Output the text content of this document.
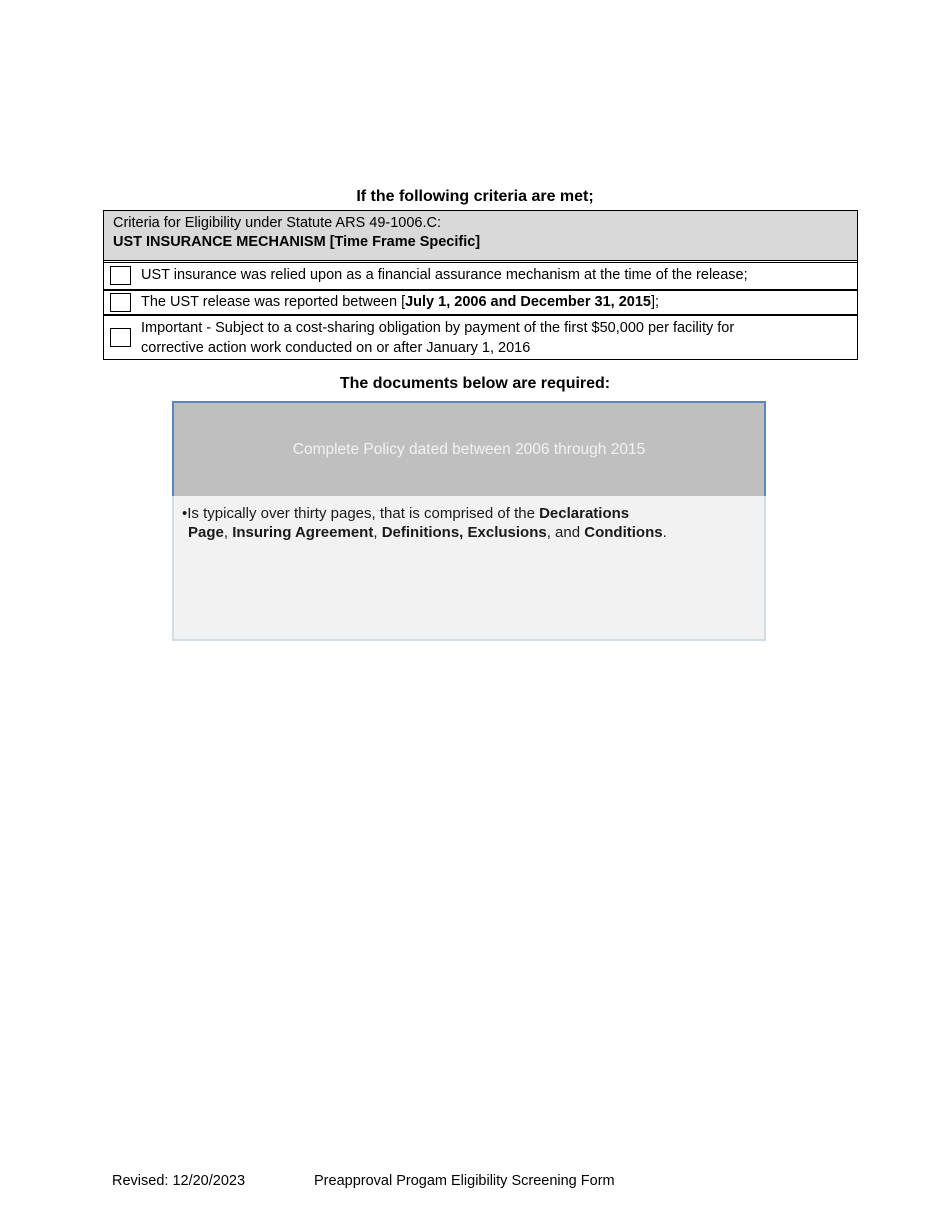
If the following criteria are met;
Criteria for Eligibility under Statute ARS 49-1006.C:
UST INSURANCE MECHANISM [Time Frame Specific]
UST insurance was relied upon as a financial assurance mechanism at the time of the release;
The UST release was reported between [July 1, 2006 and December 31, 2015];
Important - Subject to a cost-sharing obligation by payment of the first $50,000 per facility for
corrective action work conducted on or after January 1, 2016
The documents below are required:
Complete Policy dated between 2006 through 2015
•Is typically over thirty pages, that is comprised of the Declarations
Page, Insuring Agreement, Definitions, Exclusions, and Conditions.
Revised: 12/20/2023	Preapproval Progam Eligibility Screening Form
